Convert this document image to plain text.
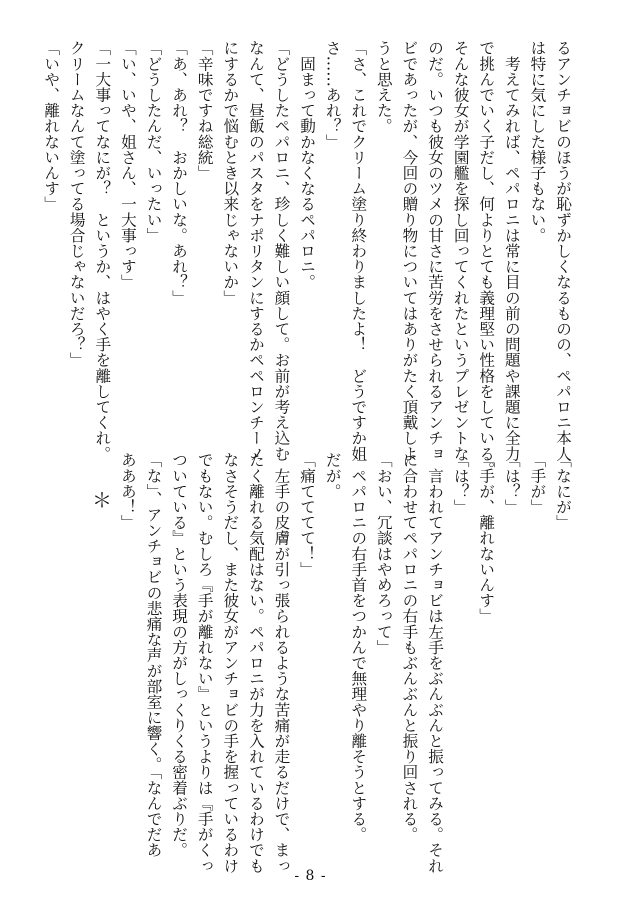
るアンチョビのほうが恥ずかしくなるものの、ペパロニ本人
は特に気にした様子もない。
　考えてみれば、ペパロニは常に目の前の問題や課題に全力
で挑んでいく子だし、何よりとても義理堅い性格をしている。
そんな彼女が学園艦を探し回ってくれたというプレゼントな
のだ。いつも彼女のツメの甘さに苦労をさせられるアンチョ
ビであったが、今回の贈り物についてはありがたく頂戴しよ
うと思えた。
「さ、これでクリーム塗り終わりましたよ！　どうですか姐
さ……あれ？」
　固まって動かなくなるペパロニ。
「どうしたペパロニ、珍しく難しい顔して。お前が考え込む
なんて、昼飯のパスタをナポリタンにするかペペロンチーノ
にするかで悩むとき以来じゃないか」
「辛味ですね総統」
「あ、あれ？　おかしいな。あれ？」
「どうしたんだ、いったい」
「い、いや、姐さん、一大事っす」
「一大事ってなにが？　というか、はやく手を離してくれ。
クリームなんて塗ってる場合じゃないだろ？」
「いや、離れないんす」
「なにが」
「手が」
「は？」
「手が、離れないんす」
「は？」
　言われてアンチョビは左手をぶんぶんと振ってみる。それ
に合わせてペパロニの右手もぶんぶんと振り回される。
「おい、冗談はやめろって」
　ペパロニの右手首をつかんで無理やり離そうとする。
だが。
「痛てててて！」
　左手の皮膚が引っ張られるような苦痛が走るだけで、まっ
たく離れる気配はない。ペパロニが力を入れているわけでも
なさそうだし、また彼女がアンチョビの手を握っているわけ
でもない。むしろ『手が離れない』というよりは『手がくっ
ついている』という表現の方がしっくりくる密着ぶりだ。
「な」、アンチョビの悲痛な声が部室に響く。「なんでだあ
あああ！」
＊
- 8 -
